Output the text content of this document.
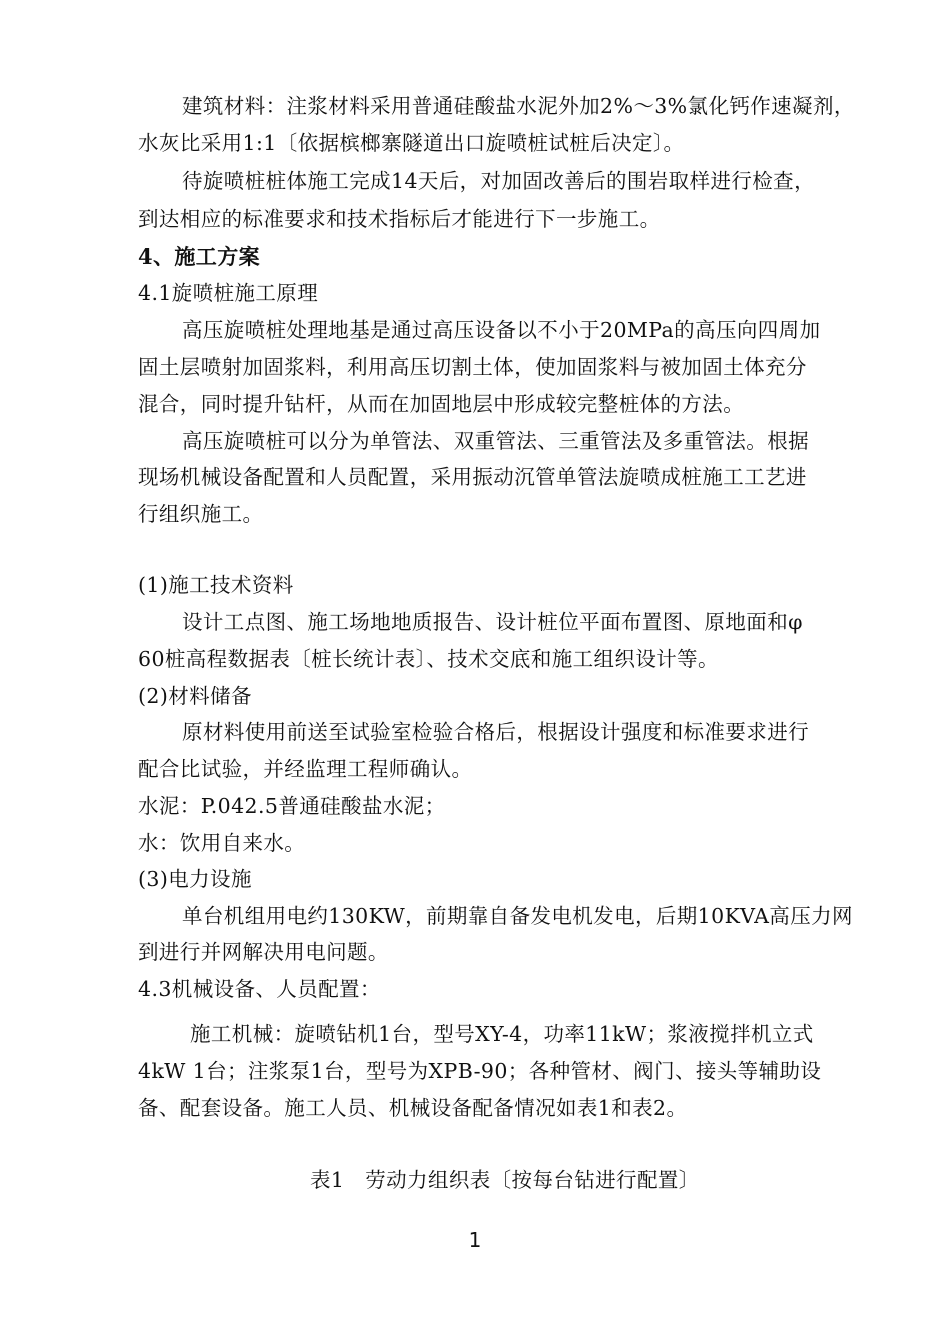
建筑材料：注浆材料采用普通硅酸盐水泥外加2%～3%氯化钙作速凝剂，
水灰比采用1:1〔依据槟榔寨隧道出口旋喷桩试桩后决定〕。
待旋喷桩桩体施工完成14天后，对加固改善后的围岩取样进行检查，
到达相应的标准要求和技术指标后才能进行下一步施工。
4、施工方案
4.1旋喷桩施工原理
高压旋喷桩处理地基是通过高压设备以不小于20MPa的高压向四周加
固土层喷射加固浆料，利用高压切割土体，使加固浆料与被加固土体充分
混合，同时提升钻杆，从而在加固地层中形成较完整桩体的方法。
高压旋喷桩可以分为单管法、双重管法、三重管法及多重管法。根据
现场机械设备配置和人员配置，采用振动沉管单管法旋喷成桩施工工艺进
行组织施工。
(1)施工技术资料
设计工点图、施工场地地质报告、设计桩位平面布置图、原地面和φ
60桩高程数据表〔桩长统计表〕、技术交底和施工组织设计等。
(2)材料储备
原材料使用前送至试验室检验合格后，根据设计强度和标准要求进行
配合比试验，并经监理工程师确认。
水泥：P.042.5普通硅酸盐水泥；
水：饮用自来水。
(3)电力设施
单台机组用电约130KW，前期靠自备发电机发电，后期10KVA高压力网
到进行并网解决用电问题。
4.3机械设备、人员配置：
施工机械：旋喷钻机1台，型号XY-4，功率11kW；浆液搅拌机立式
4kW 1台；注浆泵1台，型号为XPB-90；各种管材、阀门、接头等辅助设
备、配套设备。施工人员、机械设备配备情况如表1和表2。
表1　劳动力组织表〔按每台钻进行配置〕
1
